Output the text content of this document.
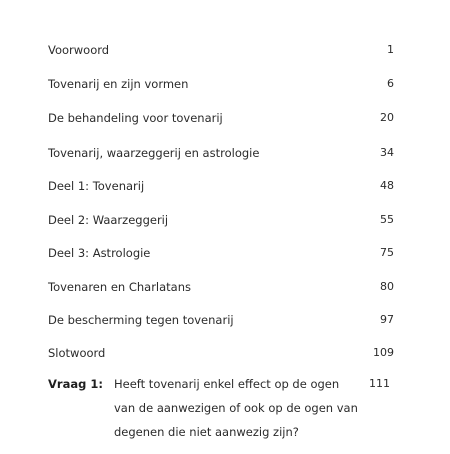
Voorwoord	1
Tovenarij en zijn vormen	6
De behandeling voor tovenarij	20
Tovenarij, waarzeggerij en astrologie	34
Deel 1: Tovenarij	48
Deel 2: Waarzeggerij	55
Deel 3: Astrologie	75
Tovenaren en Charlatans	80
De bescherming tegen tovenarij	97
Slotwoord	109
Vraag 1: Heeft tovenarij enkel effect op de ogen
van de aanwezigen of ook op de ogen van
degenen die niet aanwezig zijn?
111
